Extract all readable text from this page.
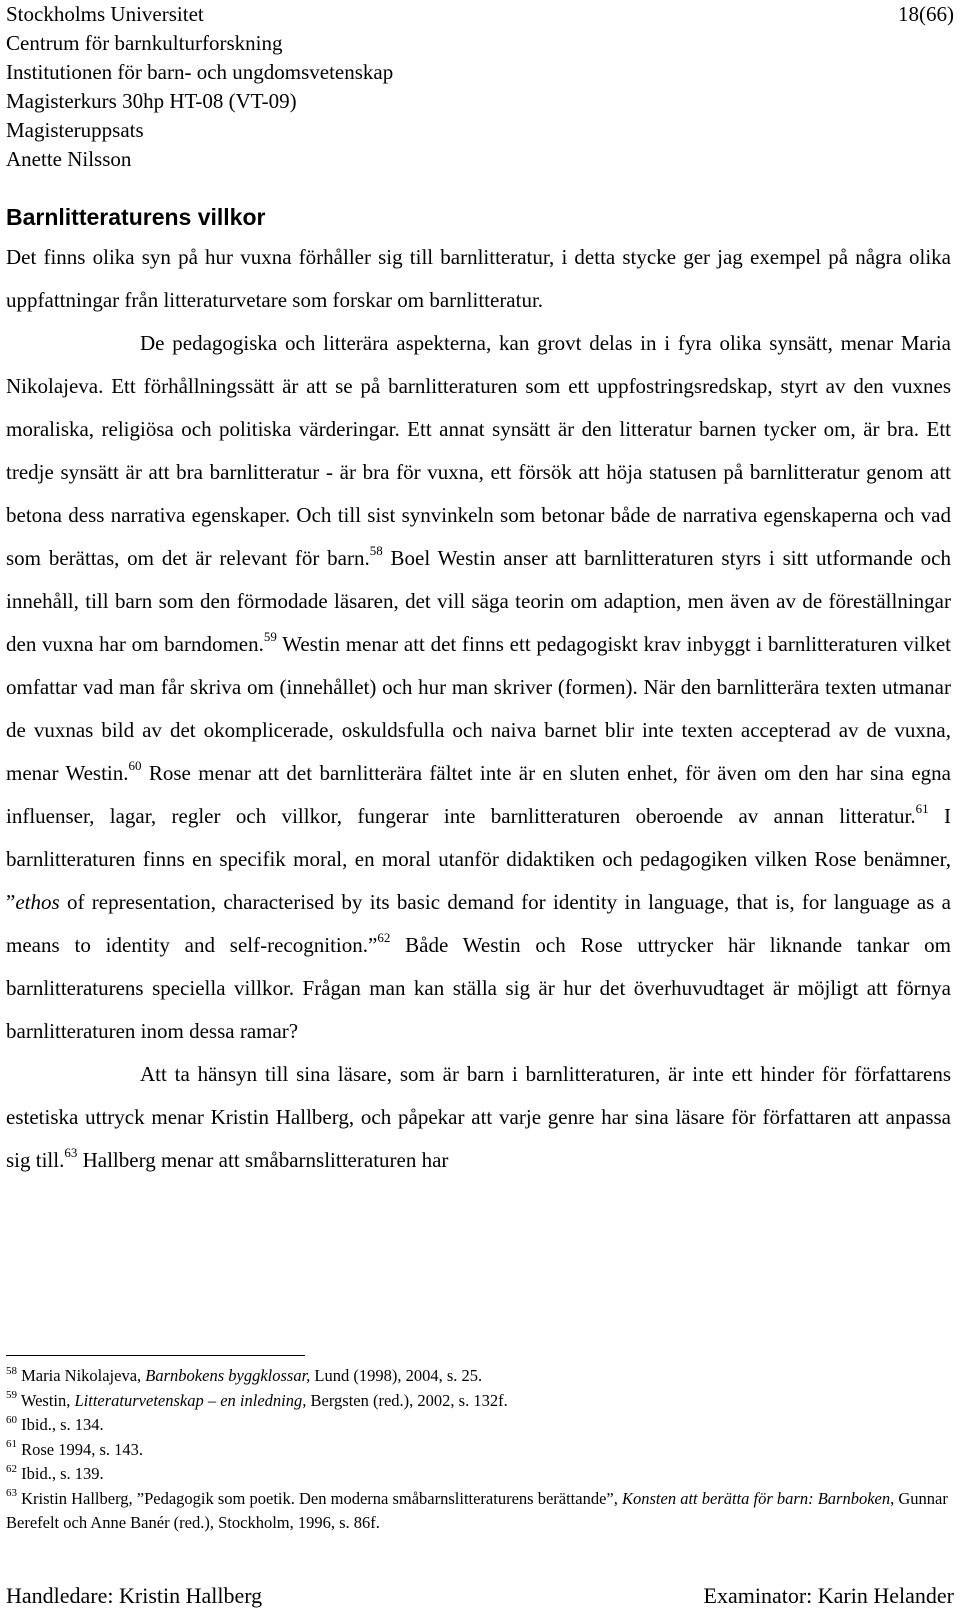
Stockholms Universitet
Centrum för barnkulturforskning
Institutionen för barn- och ungdomsvetenskap
Magisterkurs 30hp HT-08 (VT-09)
Magisteruppsats
Anette Nilsson
18(66)
Barnlitteraturens villkor

Det finns olika syn på hur vuxna förhåller sig till barnlitteratur, i detta stycke ger jag exempel på några olika uppfattningar från litteraturvetare som forskar om barnlitteratur.

De pedagogiska och litterära aspekterna, kan grovt delas in i fyra olika synsätt, menar Maria Nikolajeva. Ett förhållningssätt är att se på barnlitteraturen som ett uppfostringsredskap, styrt av den vuxnes moraliska, religiösa och politiska värderingar. Ett annat synsätt är den litteratur barnen tycker om, är bra. Ett tredje synsätt är att bra barnlitteratur - är bra för vuxna, ett försök att höja statusen på barnlitteratur genom att betona dess narrativa egenskaper. Och till sist synvinkeln som betonar både de narrativa egenskaperna och vad som berättas, om det är relevant för barn.$^{58}$ Boel Westin anser att barnlitteraturen styrs i sitt utformande och innehåll, till barn som den förmodade läsaren, det vill säga teorin om adaption, men även av de föreställningar den vuxna har om barndomen.$^{59}$ Westin menar att det finns ett pedagogiskt krav inbyggt i barnlitteraturen vilket omfattar vad man får skriva om (innehållet) och hur man skriver (formen). När den barnlitterära texten utmanar de vuxnas bild av det okomplicerade, oskuldsfulla och naiva barnet blir inte texten accepterad av de vuxna, menar Westin.$^{60}$ Rose menar att det barnlitterära fältet inte är en sluten enhet, för även om den har sina egna influenser, lagar, regler och villkor, fungerar inte barnlitteraturen oberoende av annan litteratur.$^{61}$ I barnlitteraturen finns en specifik moral, en moral utanför didaktiken och pedagogiken vilken Rose benämner, ”ethos of representation, characterised by its basic demand for identity in language, that is, for language as a means to identity and self-recognition.”$^{62}$ Både Westin och Rose uttrycker här liknande tankar om barnlitteraturens speciella villkor. Frågan man kan ställa sig är hur det överhuvudtaget är möjligt att förnya barnlitteraturen inom dessa ramar?

Att ta hänsyn till sina läsare, som är barn i barnlitteraturen, är inte ett hinder för författarens estetiska uttryck menar Kristin Hallberg, och påpekar att varje genre har sina läsare för författaren att anpassa sig till.$^{63}$ Hallberg menar att småbarnslitteraturen har

$^{58}$ Maria Nikolajeva, Barnbokens byggklossar, Lund (1998), 2004, s. 25.
$^{59}$ Westin, Litteraturvetenskap – en inledning, Bergsten (red.), 2002, s. 132f.
$^{60}$ Ibid., s. 134.
$^{61}$ Rose 1994, s. 143.
$^{62}$ Ibid., s. 139.
$^{63}$ Kristin Hallberg, ”Pedagogik som poetik. Den moderna småbarnslitteraturens berättande”, Konsten att berätta för barn: Barnboken, Gunnar Berefelt och Anne Banér (red.), Stockholm, 1996, s. 86f.
Handledare: Kristin Hallberg	Examinator: Karin Helander
